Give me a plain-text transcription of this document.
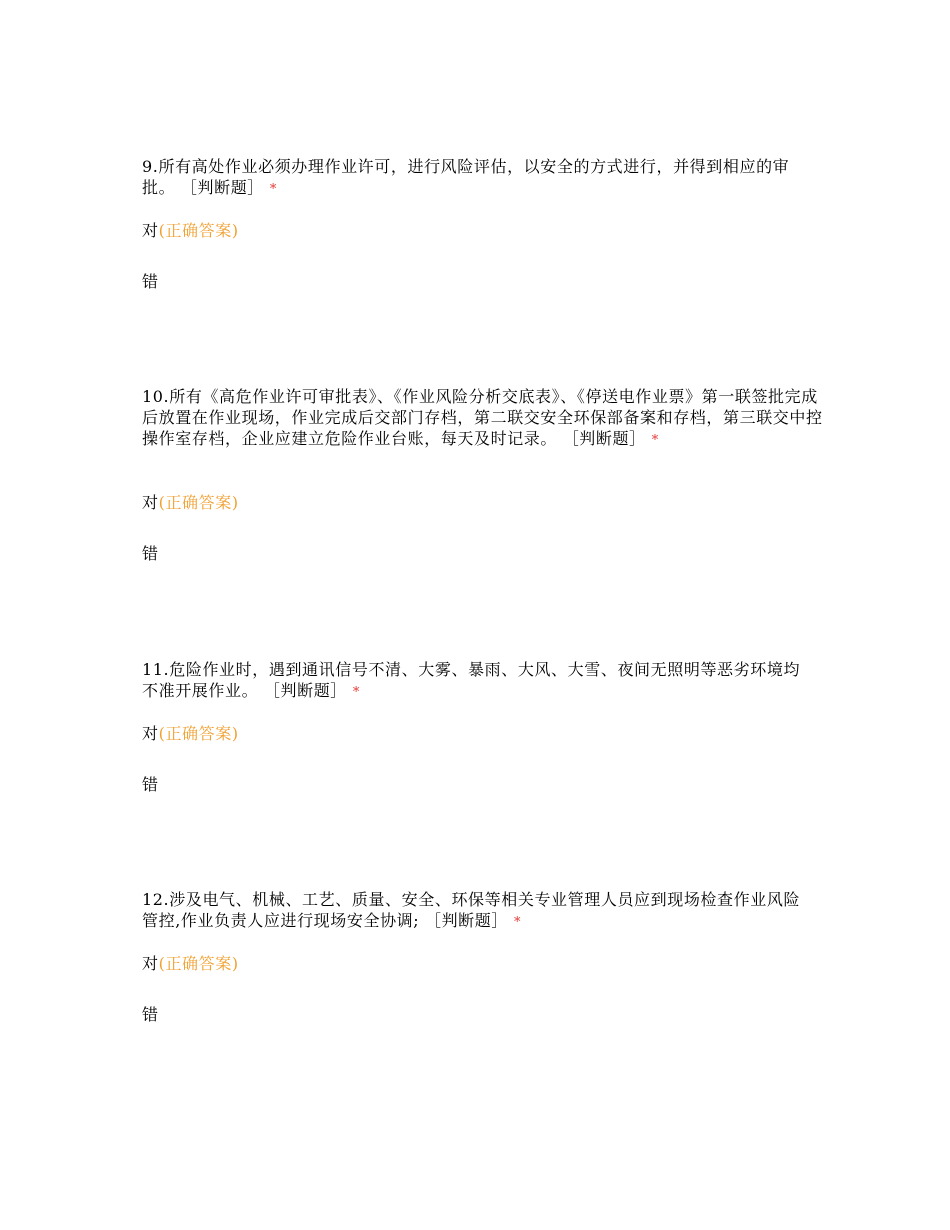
9.所有高处作业必须办理作业许可，进行风险评估，以安全的方式进行，并得到相应的审批。 ［判断题］ *

对(正确答案)
错

10.所有《高危作业许可审批表》、《作业风险分析交底表》、《停送电作业票》第一联签批完成后放置在作业现场，作业完成后交部门存档，第二联交安全环保部备案和存档，第三联交中控操作室存档，企业应建立危险作业台账，每天及时记录。 ［判断题］ *

对(正确答案)
错

11.危险作业时，遇到通讯信号不清、大雾、暴雨、大风、大雪、夜间无照明等恶劣环境均不准开展作业。 ［判断题］ *

对(正确答案)
错

12.涉及电气、机械、工艺、质量、安全、环保等相关专业管理人员应到现场检查作业风险管控,作业负责人应进行现场安全协调; ［判断题］ *

对(正确答案)
错
